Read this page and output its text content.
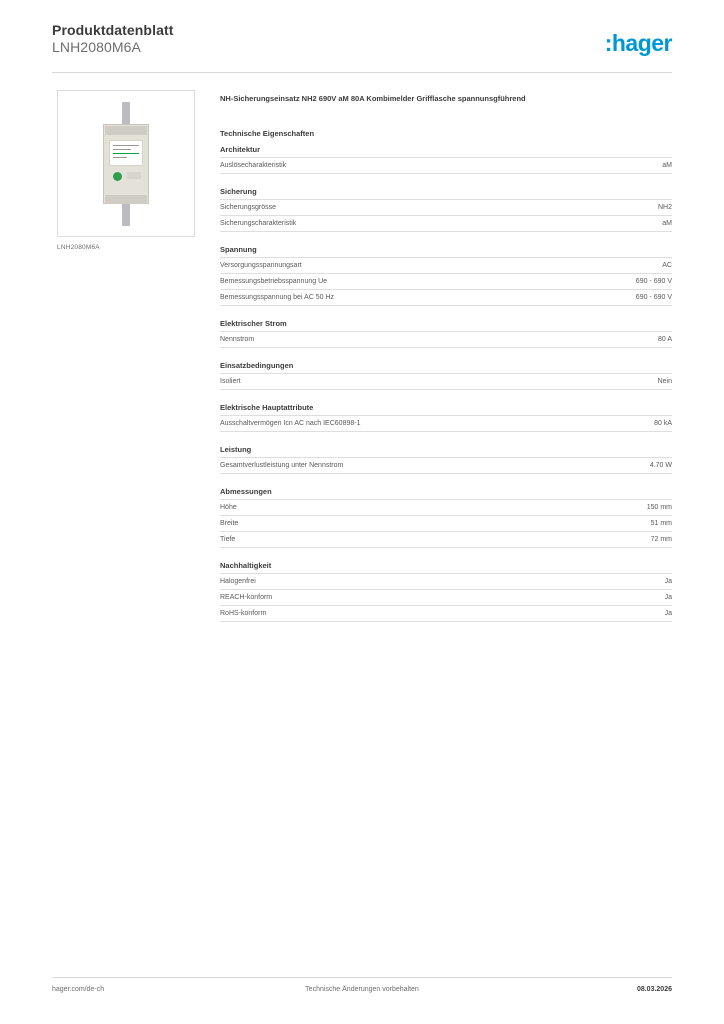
Produktdatenblatt
LNH2080M6A	:hager
LNH2080M6A
NH-Sicherungseinsatz NH2 690V aM 80A Kombimelder Grifflasche spannunsgführend
Technische Eigenschaften
Architektur
Auslösecharakteristik	aM
Sicherung
Sicherungsgrösse	NH2
Sicherungscharakteristik	aM
Spannung
Versorgungsspannungsart	AC
Bemessungsbetriebsspannung Ue	690 - 690 V
Bemessungsspannung bei AC 50 Hz	690 - 690 V
Elektrischer Strom
Nennstrom	80 A
Einsatzbedingungen
Isoliert	Nein
Elektrische Hauptattribute
Ausschaltvermögen Icn AC nach IEC60898-1	80 kA
Leistung
Gesamtverlustleistung unter Nennstrom	4.70 W
Abmessungen
Höhe	150 mm
Breite	51 mm
Tiefe	72 mm
Nachhaltigkeit
Halogenfrei	Ja
REACH-konform	Ja
RoHS-konform	Ja
hager.com/de-ch	Technische Änderungen vorbehalten	08.03.2026
